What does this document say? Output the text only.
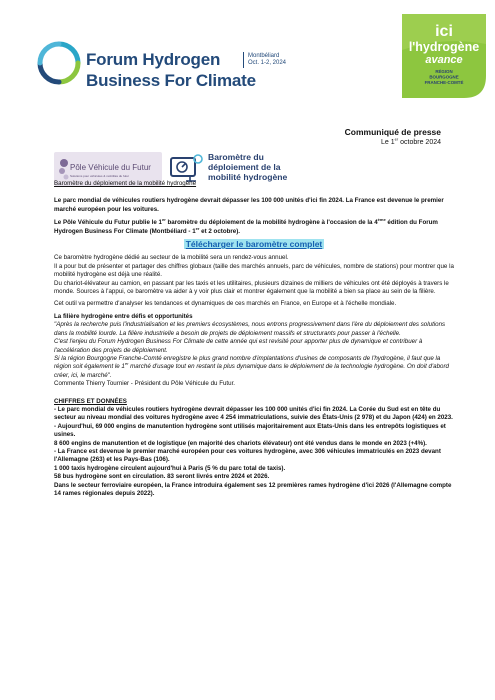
Forum Hydrogen
Business For Climate
Montbéliard
Oct. 1-2, 2024
ici
l'hydrogène
avance
RÉGION
BOURGOGNE
FRANCHE-COMTÉ
Communiqué de presse
Le 1er octobre 2024
Pôle Véhicule du Futur
Solutions pour véhicules & mobilités du futur
Baromètre du
déploiement de la
mobilité hydrogène

Baromètre du déploiement de la mobilité hydrogène

Le parc mondial de véhicules routiers hydrogène devrait dépasser les 100 000 unités d'ici fin 2024. La France est devenue le premier marché européen pour les voitures.

Le Pôle Véhicule du Futur publie le 1er baromètre du déploiement de la mobilité hydrogène à l'occasion de la 4ème édition du Forum Hydrogen Business For Climate (Montbéliard - 1er et 2 octobre).

Télécharger le baromètre complet

Ce baromètre hydrogène dédié au secteur de la mobilité sera un rendez-vous annuel.

Il a pour but de présenter et partager des chiffres globaux (taille des marchés annuels, parc de véhicules, nombre de stations) pour montrer que la mobilité hydrogène est déjà une réalité.

Du chariot-élévateur au camion, en passant par les taxis et les utilitaires, plusieurs dizaines de milliers de véhicules ont été déployés à travers le monde. Sources à l'appui, ce baromètre va aider à y voir plus clair et montrer également que la mobilité a bien sa place au sein de la filière.

Cet outil va permettre d'analyser les tendances et dynamiques de ces marchés en France, en Europe et à l'échelle mondiale.

La filière hydrogène entre défis et opportunités

"Après la recherche puis l'industrialisation et les premiers écosystèmes, nous entrons progressivement dans l'ère du déploiement des solutions dans la mobilité lourde. La filière industrielle a besoin de projets de déploiement massifs et structurants pour passer à l'échelle.

C'est l'enjeu du Forum Hydrogen Business For Climate de cette année qui est revisité pour apporter plus de dynamique et contribuer à l'accélération des projets de déploiement.

Si la région Bourgogne Franche-Comté enregistre le plus grand nombre d'implantations d'usines de composants de l'hydrogène, il faut que la région soit également le 1er marché d'usage tout en restant la plus dynamique dans le déploiement de la technologie hydrogène. On doit d'abord créer, ici, le marché".

Commente Thierry Tournier - Président du Pôle Véhicule du Futur.

CHIFFRES ET DONNÉES

- Le parc mondial de véhicules routiers hydrogène devrait dépasser les 100 000 unités d'ici fin 2024. La Corée du Sud est en tête du secteur au niveau mondial des voitures hydrogène avec 4 254 immatriculations, suivie des États-Unis (2 978) et du Japon (424) en 2023.

- Aujourd'hui, 69 000 engins de manutention hydrogène sont utilisés majoritairement aux Etats-Unis dans les entrepôts logistiques et usines.

8 600 engins de manutention et de logistique (en majorité des chariots élévateur) ont été vendus dans le monde en 2023 (+4%).

- La France est devenue le premier marché européen pour ces voitures hydrogène, avec 306 véhicules immatriculés en 2023 devant l'Allemagne (263) et les Pays-Bas (106).

1 000 taxis hydrogène circulent aujourd'hui à Paris (5 % du parc total de taxis).

58 bus hydrogène sont en circulation. 83 seront livrés entre 2024 et 2026.

Dans le secteur ferroviaire européen, la France introduira également ses 12 premières rames hydrogène d'ici 2026 (l'Allemagne compte 14 rames régionales depuis 2022).
